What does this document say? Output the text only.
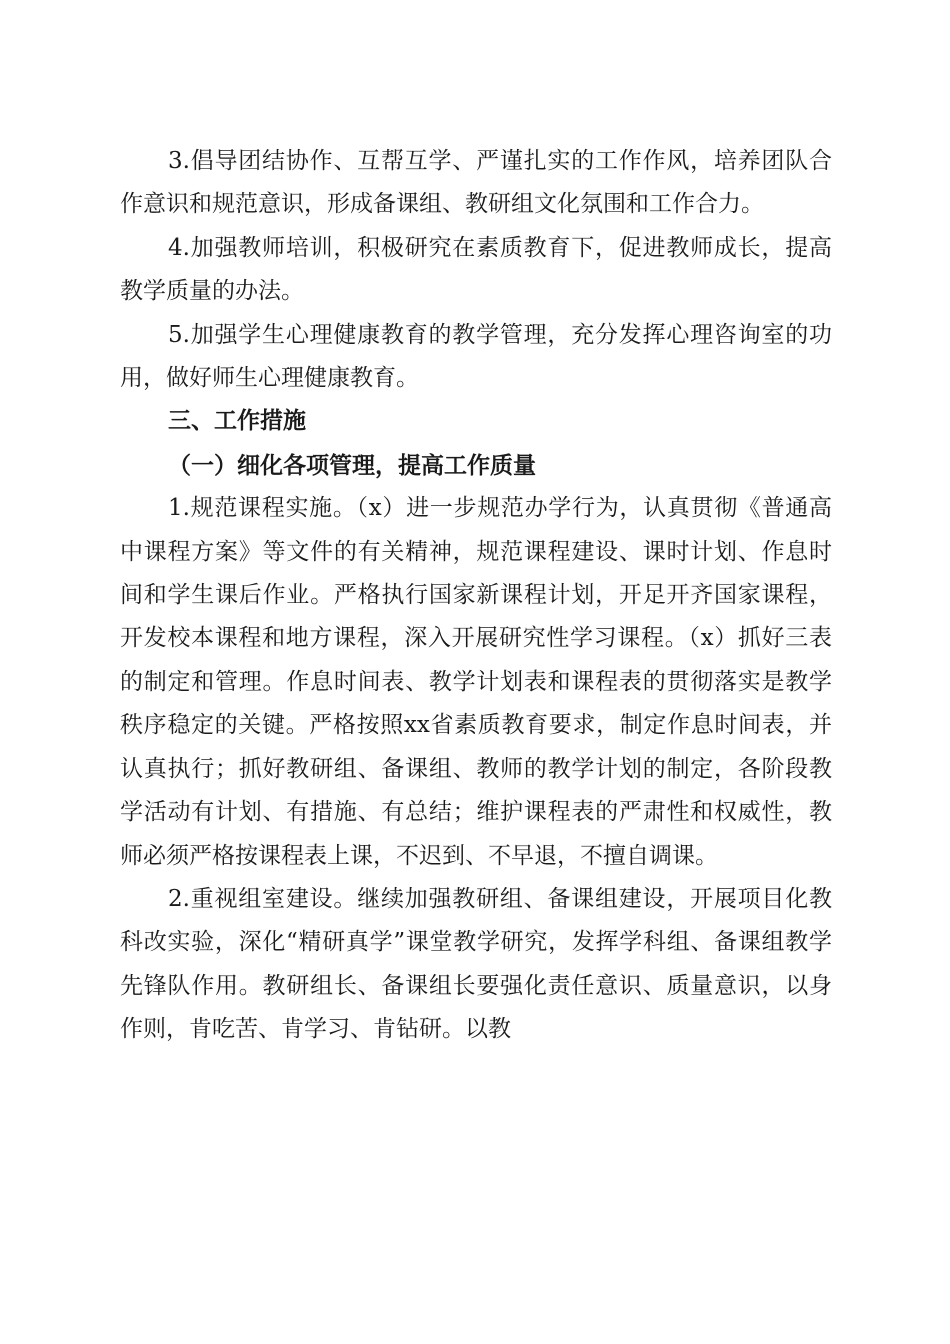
3.倡导团结协作、互帮互学、严谨扎实的工作作风，培养团队合作意识和规范意识，形成备课组、教研组文化氛围和工作合力。

4.加强教师培训，积极研究在素质教育下，促进教师成长，提高教学质量的办法。

5.加强学生心理健康教育的教学管理，充分发挥心理咨询室的功用，做好师生心理健康教育。

三、工作措施

（一）细化各项管理，提高工作质量

1.规范课程实施。（x）进一步规范办学行为，认真贯彻《普通高中课程方案》等文件的有关精神，规范课程建设、课时计划、作息时间和学生课后作业。严格执行国家新课程计划，开足开齐国家课程，开发校本课程和地方课程，深入开展研究性学习课程。（x）抓好三表的制定和管理。作息时间表、教学计划表和课程表的贯彻落实是教学秩序稳定的关键。严格按照xx省素质教育要求，制定作息时间表，并认真执行；抓好教研组、备课组、教师的教学计划的制定，各阶段教学活动有计划、有措施、有总结；维护课程表的严肃性和权威性，教师必须严格按课程表上课，不迟到、不早退，不擅自调课。

2.重视组室建设。继续加强教研组、备课组建设，开展项目化教科改实验，深化“精研真学”课堂教学研究，发挥学科组、备课组教学先锋队作用。教研组长、备课组长要强化责任意识、质量意识，以身作则，肯吃苦、肯学习、肯钻研。以教
